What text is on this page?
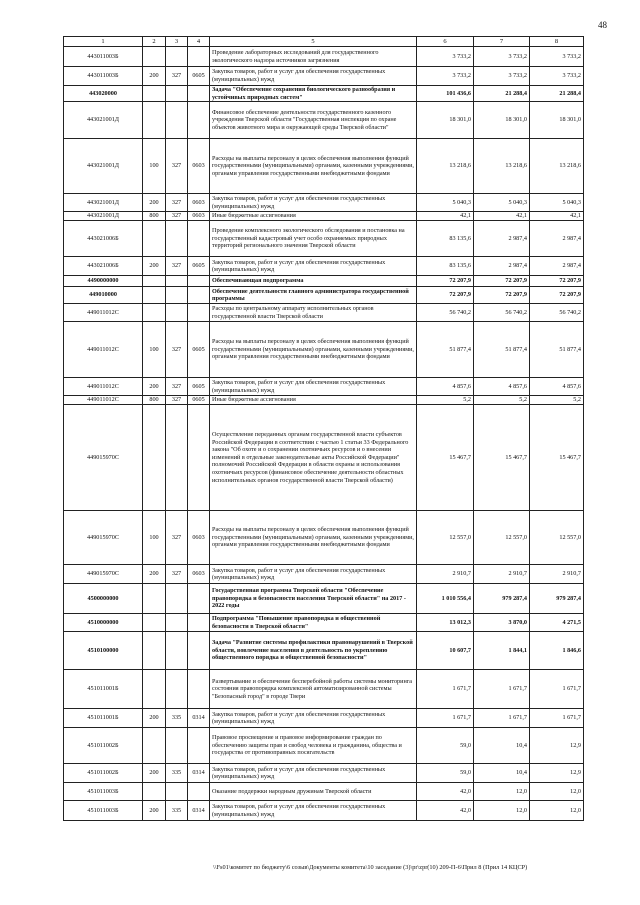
48
1	2	3	4	5	6	7	8
443011003Б				Проведение лабораторных исследований для государственного экологического надзора источников загрязнения	3 733,2	3 733,2	3 733,2
443011003Б	200	327	0605	Закупка товаров, работ и услуг для обеспечения государственных (муниципальных) нужд	3 733,2	3 733,2	3 733,2
443020000				Задача "Обеспечение сохранения биологического разнообразия и устойчивых природных систем"	101 436,6	21 288,4	21 288,4
443021001Д				Финансовое обеспечение деятельности государственного казенного учреждения Тверской области "Государственная инспекция по охране объектов животного мира и окружающей среды Тверской области"	18 301,0	18 301,0	18 301,0
443021001Д	100	327	0603	Расходы на выплаты персоналу в целях обеспечения выполнения функций государственными (муниципальными) органами, казенными учреждениями, органами управления государственными внебюджетными фондами	13 218,6	13 218,6	13 218,6
443021001Д	200	327	0603	Закупка товаров, работ и услуг для обеспечения государственных (муниципальных) нужд	5 040,3	5 040,3	5 040,3
443021001Д	800	327	0603	Иные бюджетные ассигнования	42,1	42,1	42,1
443021006Б				Проведение комплексного экологического обследования и постановка на государственный кадастровый учет особо охраняемых природных территорий регионального значения Тверской области	83 135,6	2 987,4	2 987,4
443021006Б	200	327	0605	Закупка товаров, работ и услуг для обеспечения государственных (муниципальных) нужд	83 135,6	2 987,4	2 987,4
4490000000				Обеспечивающая подпрограмма	72 207,9	72 207,9	72 207,9
449010000				Обеспечение деятельности главного администратора государственной программы	72 207,9	72 207,9	72 207,9
449011012С				Расходы по центральному аппарату исполнительных органов государственной власти Тверской области	56 740,2	56 740,2	56 740,2
449011012С	100	327	0605	Расходы на выплаты персоналу в целях обеспечения выполнения функций государственными (муниципальными) органами, казенными учреждениями, органами управления государственными внебюджетными фондами	51 877,4	51 877,4	51 877,4
449011012С	200	327	0605	Закупка товаров, работ и услуг для обеспечения государственных (муниципальных) нужд	4 857,6	4 857,6	4 857,6
449011012С	800	327	0605	Иные бюджетные ассигнования	5,2	5,2	5,2
449015970С				Осуществление переданных органам государственной власти субъектов Российской Федерации в соответствии с частью 1 статьи 33 Федерального закона "Об охоте и о сохранении охотничьих ресурсов и о внесении изменений в отдельные законодательные акты Российской Федерации" полномочий Российской Федерации в области охраны и использования охотничьих ресурсов (финансовое обеспечение деятельности областных исполнительных органов государственной власти Тверской области)	15 467,7	15 467,7	15 467,7
449015970С	100	327	0603	Расходы на выплаты персоналу в целях обеспечения выполнения функций государственными (муниципальными) органами, казенными учреждениями, органами управления государственными внебюджетными фондами	12 557,0	12 557,0	12 557,0
449015970С	200	327	0603	Закупка товаров, работ и услуг для обеспечения государственных (муниципальных) нужд	2 910,7	2 910,7	2 910,7
4500000000				Государственная программа Тверской области "Обеспечение правопорядка и безопасности населения Тверской области" на 2017 - 2022 годы	1 010 556,4	979 287,4	979 287,4
4510000000				Подпрограмма "Повышение правопорядка и общественной безопасности в Тверской области"	13 012,3	3 870,0	4 271,5
4510100000				Задача "Развитие системы профилактики правонарушений в Тверской области, вовлечение населения в деятельность по укреплению общественного порядка и общественной безопасности"	10 607,7	1 844,1	1 846,6
451011001Б				Развертывание и обеспечение бесперебойной работы системы мониторинга состояния правопорядка комплексной автоматизированной системы "Безопасный город" в городе Твери	1 671,7	1 671,7	1 671,7
451011001Б	200	335	0314	Закупка товаров, работ и услуг для обеспечения государственных (муниципальных) нужд	1 671,7	1 671,7	1 671,7
451011002Б				Правовое просвещение и правовое информирование граждан по обеспечению защиты прав и свобод человека и гражданина, общества и государства от противоправных посягательств	59,0	10,4	12,9
451011002Б	200	335	0314	Закупка товаров, работ и услуг для обеспечения государственных (муниципальных) нужд	59,0	10,4	12,9
451011003Б				Оказание поддержки народным дружинам Тверской области	42,0	12,0	12,0
451011003Б	200	335	0314	Закупка товаров, работ и услуг для обеспечения государственных (муниципальных) нужд	42,0	12,0	12,0
\\Fs01\комитет по бюджету\6 созыв\Документы комитета\10 заседание (3)\pr\zpr(10) 209-П-6\Прил 8 (Прил 14 КЦСР)
